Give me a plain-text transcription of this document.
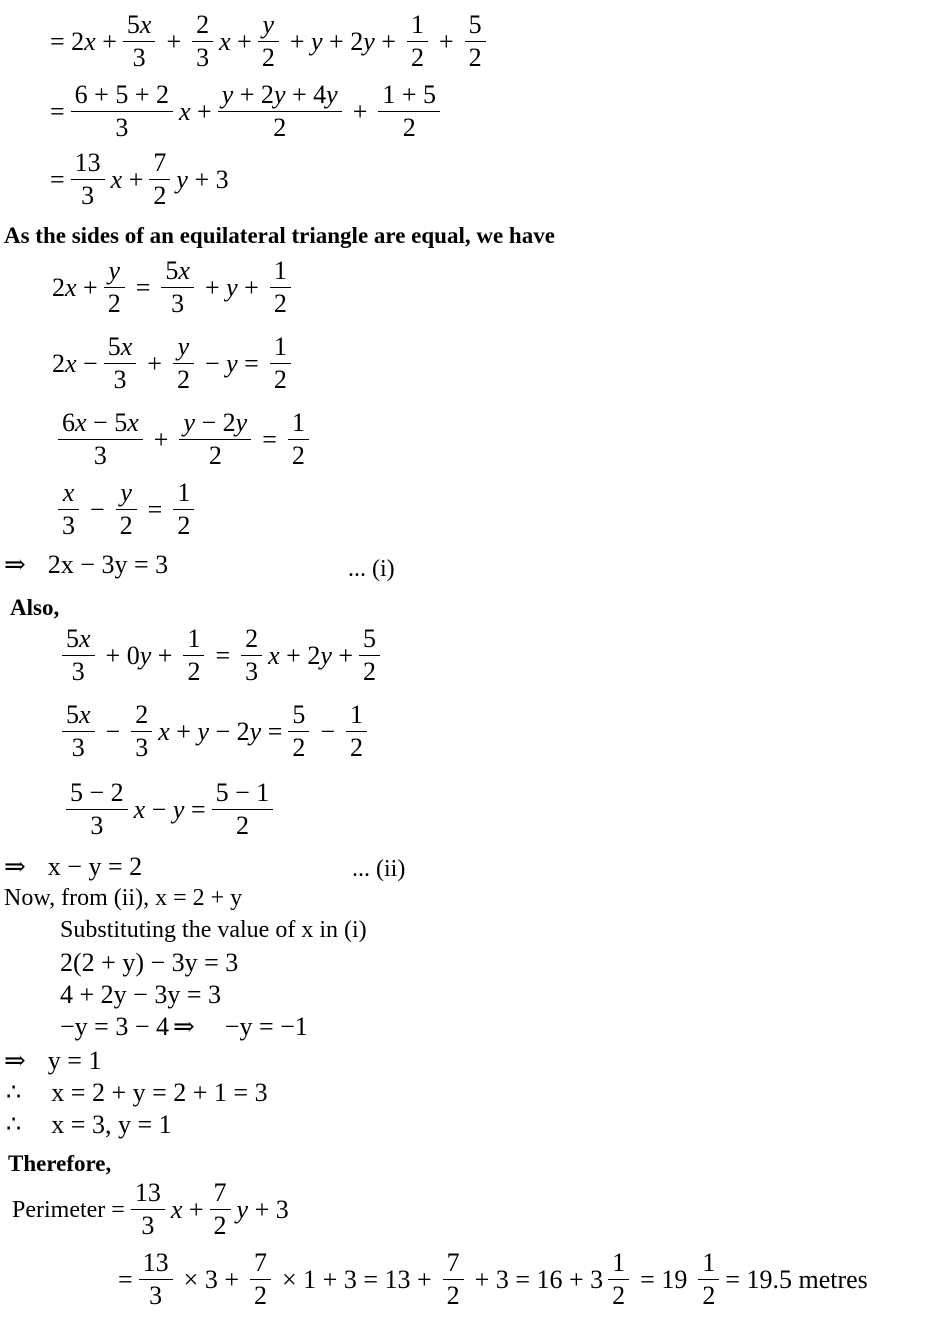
= $2x + \frac{5x}{3} + \frac{2}{3}$ $x + \frac{y}{2} + y + 2y + \frac{1}{2} + \frac{5}{2}$
= $\frac{6 + 5 + 2}{3}$ $x + \frac{y + 2y + 4y}{2} + \frac{1 + 5}{2}$
= $\frac{13}{3}$ $x + \frac{7}{2}$ y + 3
As the sides of an equilateral triangle are equal, we have
$2x + \frac{y}{2} = \frac{5x}{3} + y + \frac{1}{2}$
$2x - \frac{5x}{3} + \frac{y}{2} - y = \frac{1}{2}$
$\frac{6x - 5x}{3} + \frac{y - 2y}{2} = \frac{1}{2}$
$\frac{x}{3} - \frac{y}{2} = \frac{1}{2}$
⇒ 2x − 3y = 3	... (i)
Also,
$\frac{5x}{3} + 0y + \frac{1}{2} = \frac{2}{3}$ $x + 2y + \frac{5}{2}$
$\frac{5x}{3} - \frac{2}{3}$ $x + y - 2y = \frac{5}{2} - \frac{1}{2}$
$\frac{5 - 2}{3}$ $x - y = \frac{5 - 1}{2}$
⇒ x − y = 2	... (ii)
Now, from (ii), x = 2 + y
Substituting the value of x in (i)
2(2 + y) − 3y = 3
4 + 2y − 3y = 3
−y = 3 − 4 ⇒ −y = −1
⇒ y = 1
∴ x = 2 + y = 2 + 1 = 3
∴ x = 3, y = 1
Therefore,
Perimeter = $\frac{13}{3}$ $x + \frac{7}{2}$ y + 3
= $\frac{13}{3} \times 3 + \frac{7}{2} \times 1 + 3 = 13 + \frac{7}{2} + 3 = 16 + 3 \frac{1}{2} = 19 \frac{1}{2} = 19.5$ metres
